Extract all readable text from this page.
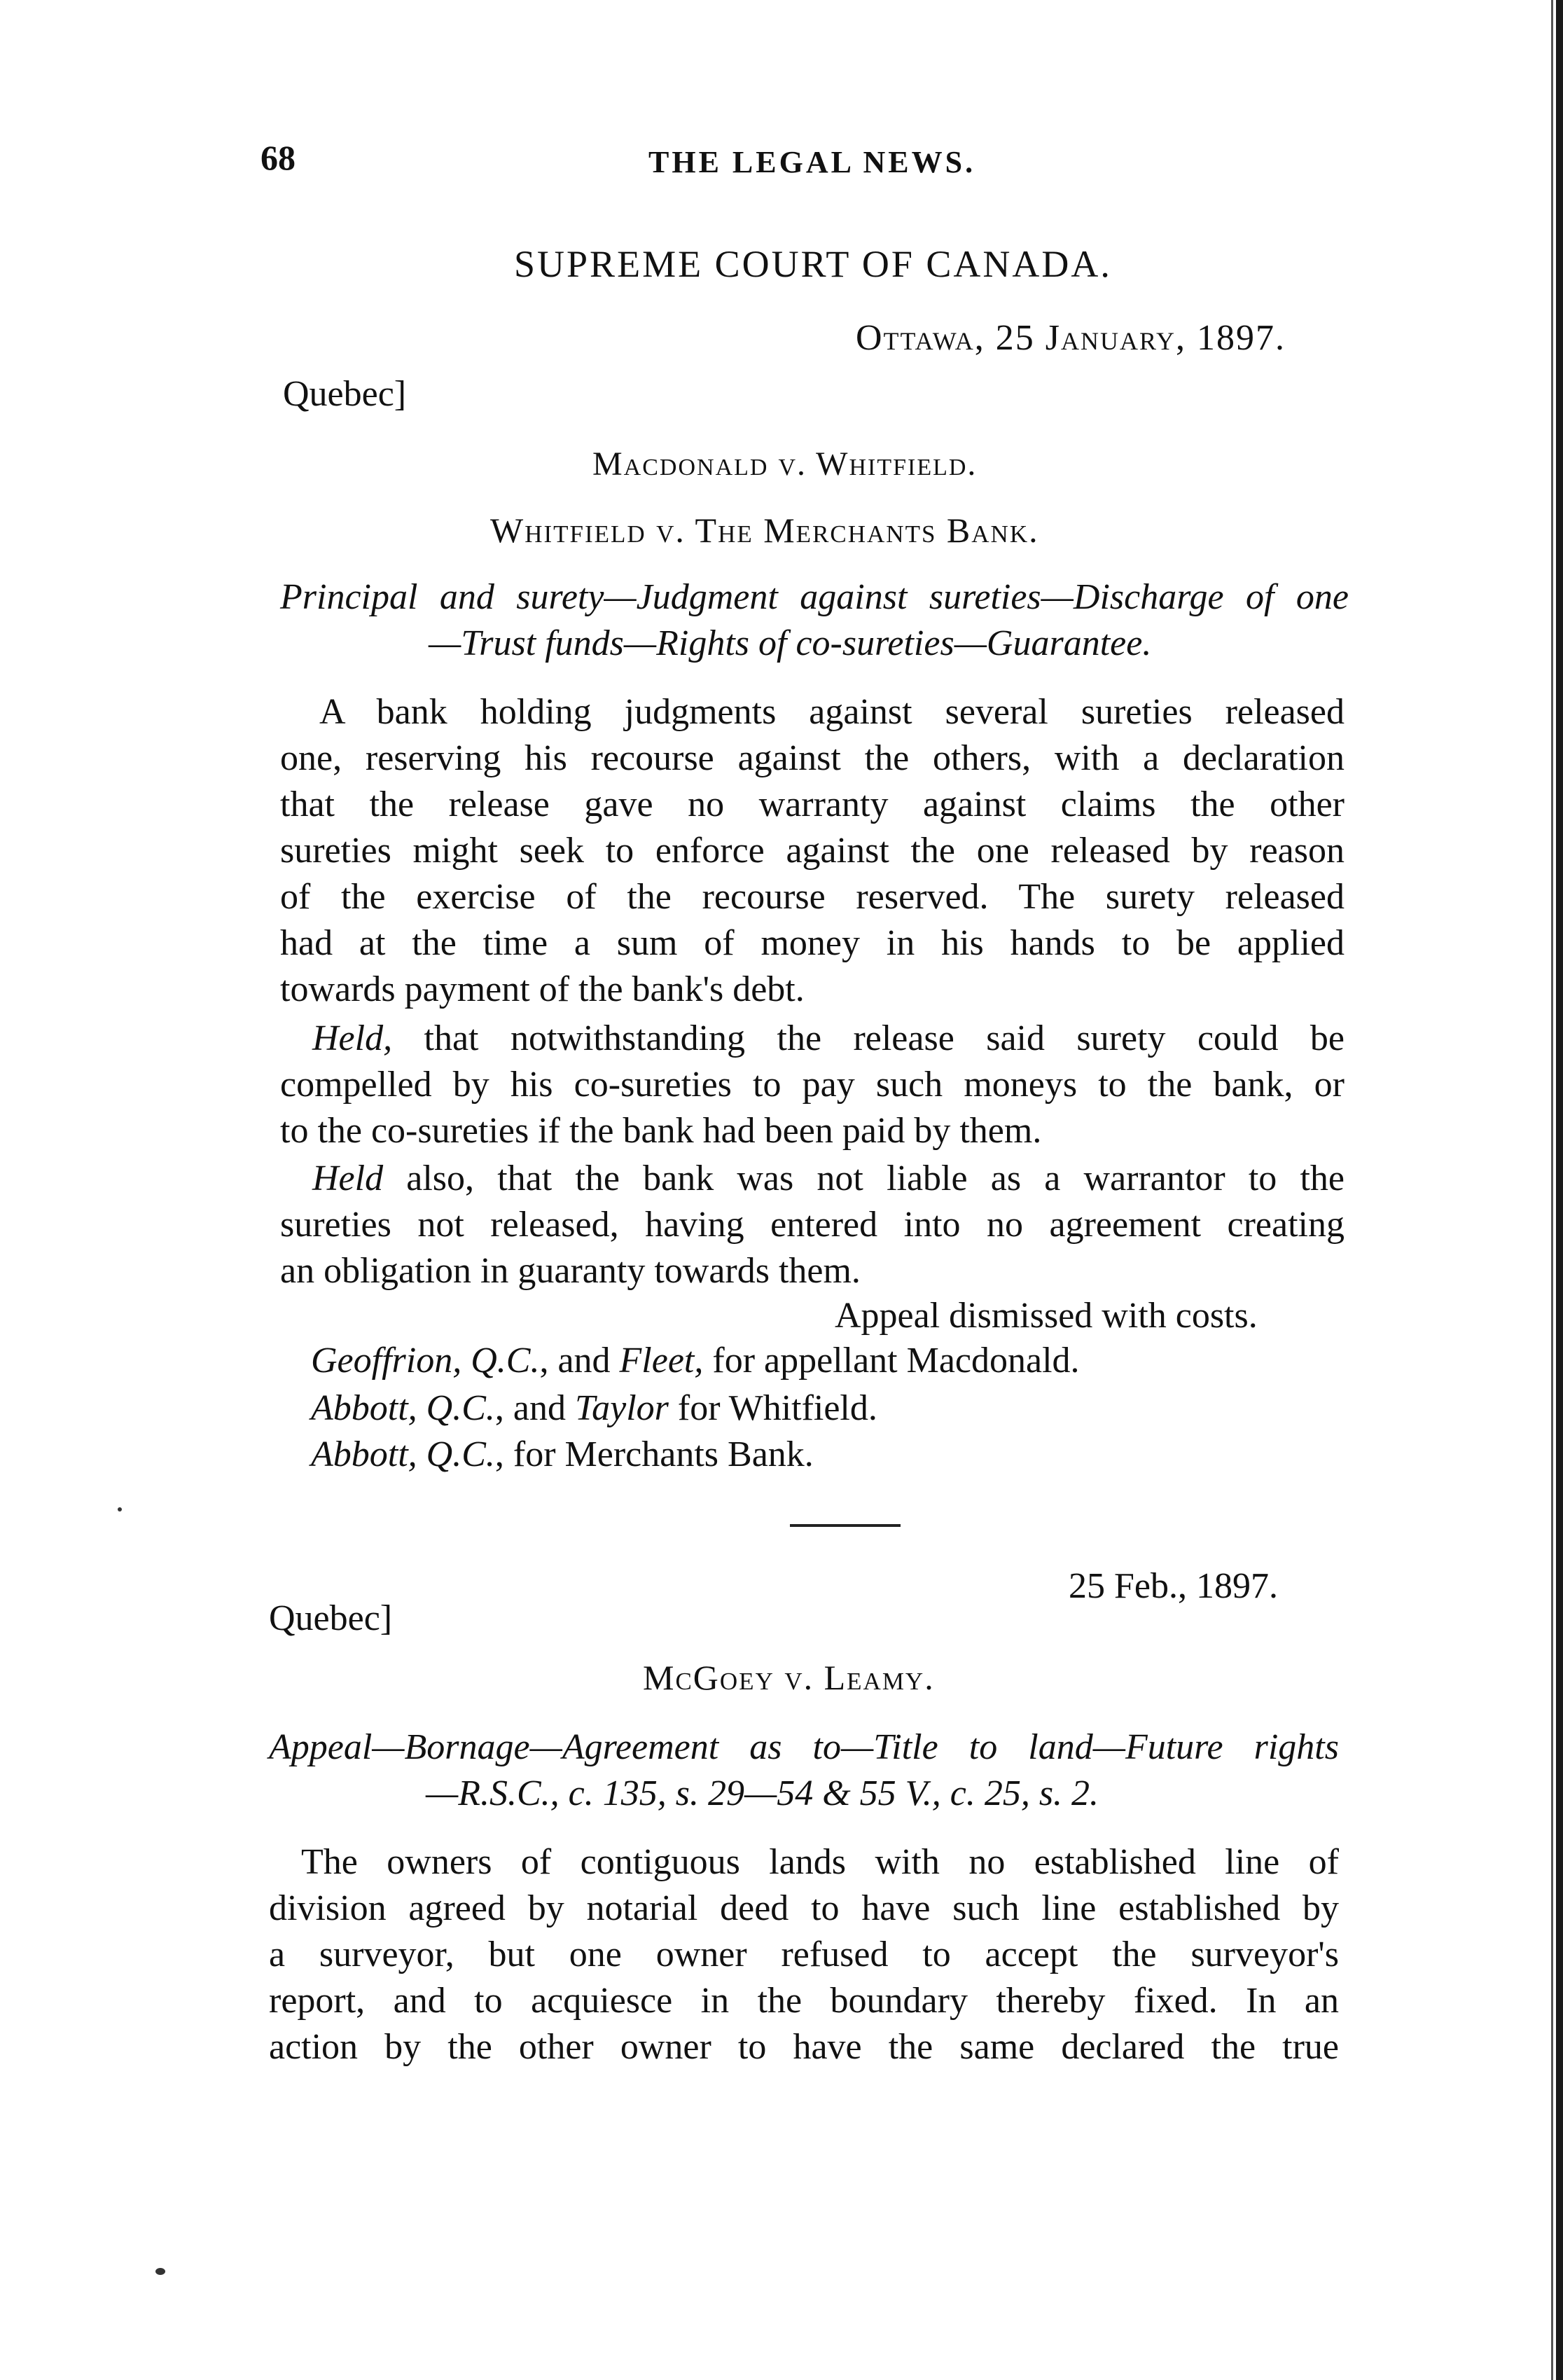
68	THE LEGAL NEWS.
SUPREME COURT OF CANADA.
Ottawa, 25 January, 1897.
Quebec]
Macdonald v. Whitfield.
Whitfield v. The Merchants Bank.
Principal and surety—Judgment against sureties—Discharge of one
—Trust funds—Rights of co-sureties—Guarantee.
A bank holding judgments against several sureties released
one, reserving his recourse against the others, with a declaration
that the release gave no warranty against claims the other
sureties might seek to enforce against the one released by reason
of the exercise of the recourse reserved. The surety released
had at the time a sum of money in his hands to be applied
towards payment of the bank's debt.
Held, that notwithstanding the release said surety could be
compelled by his co-sureties to pay such moneys to the bank, or
to the co-sureties if the bank had been paid by them.
Held also, that the bank was not liable as a warrantor to the
sureties not released, having entered into no agreement creating
an obligation in guaranty towards them.
Appeal dismissed with costs.
Geoffrion, Q.C., and Fleet, for appellant Macdonald.
Abbott, Q.C., and Taylor for Whitfield.
Abbott, Q.C., for Merchants Bank.
25 Feb., 1897.
Quebec]
McGoey v. Leamy.
Appeal—Bornage—Agreement as to—Title to land—Future rights
—R.S.C., c. 135, s. 29—54 & 55 V., c. 25, s. 2.
The owners of contiguous lands with no established line of
division agreed by notarial deed to have such line established by
a surveyor, but one owner refused to accept the surveyor's
report, and to acquiesce in the boundary thereby fixed. In an
action by the other owner to have the same declared the true
